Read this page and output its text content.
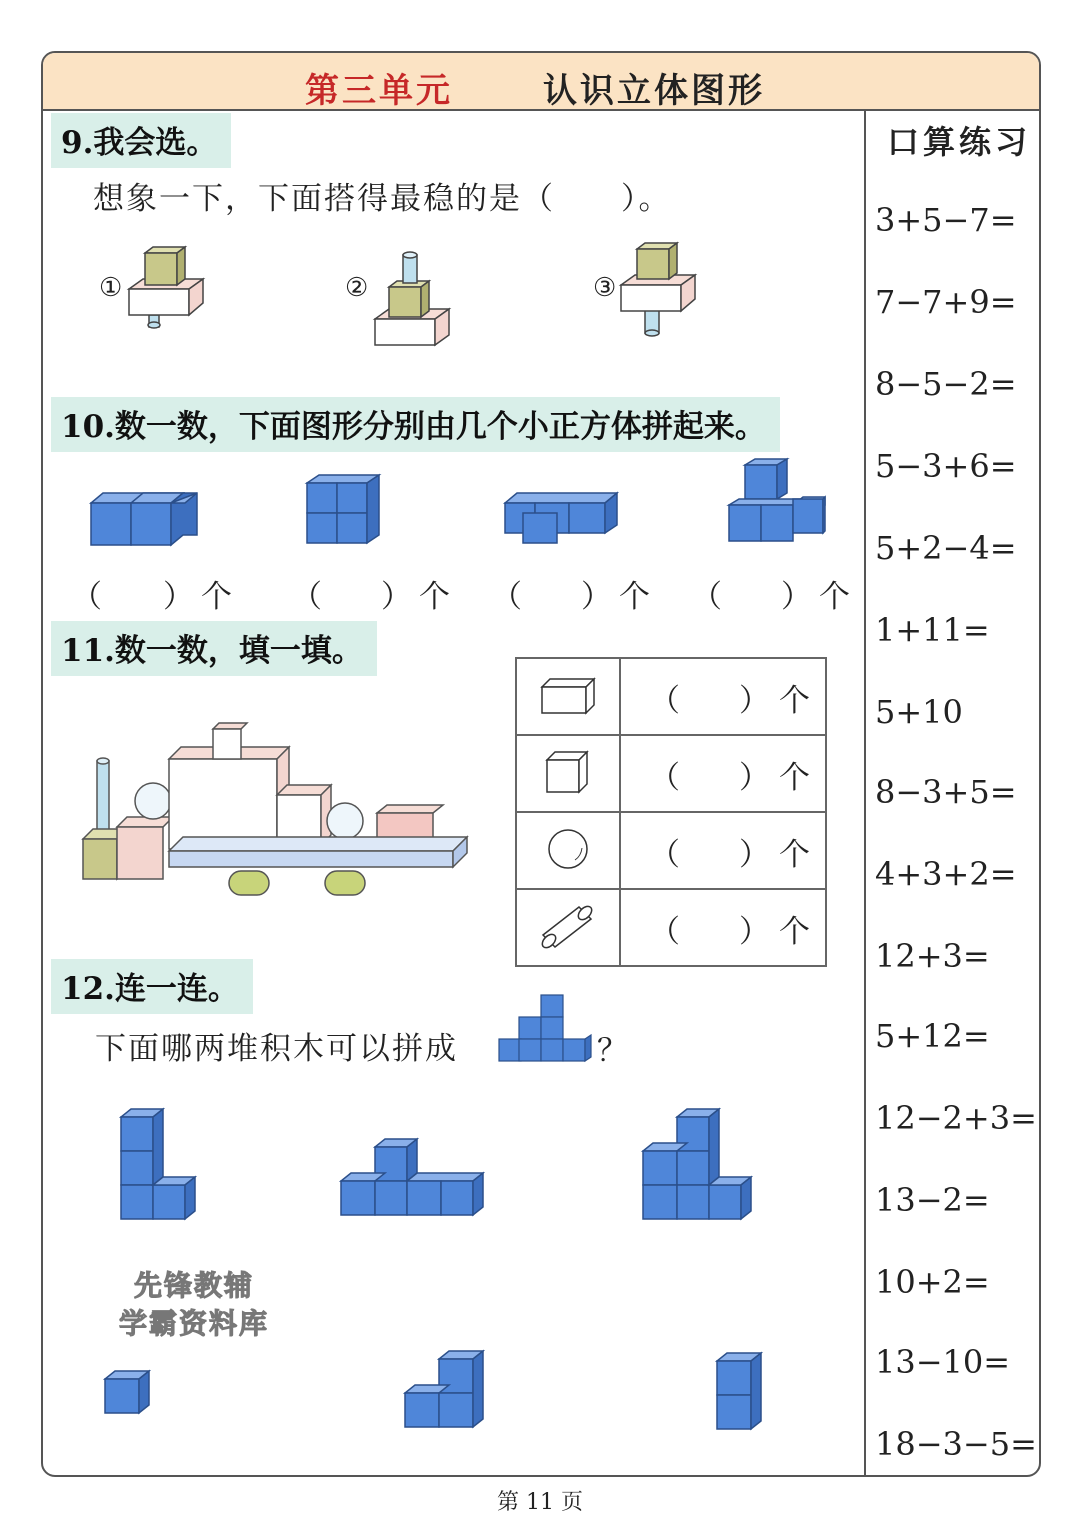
第三单元	认识立体图形
9.我会选。
想象一下，下面搭得最稳的是（　　）。
①	②	③
10.数一数，下面图形分别由几个小正方体拼起来。
（ ） 个 （ ） 个 （ ） 个 （ ） 个
11.数一数，填一填。

（ ） 个

（ ） 个

（ ） 个

（ ） 个
12.连一连。
下面哪两堆积木可以拼成	？
先锋教辅
学霸资料库
口算练习
3+5−7=
7−7+9=
8−5−2=
5−3+6=
5+2−4=
1+11=
5+10
8−3+5=
4+3+2=
12+3=
5+12=
12−2+3=
13−2=
10+2=
13−10=
18−3−5=
第 11 页
